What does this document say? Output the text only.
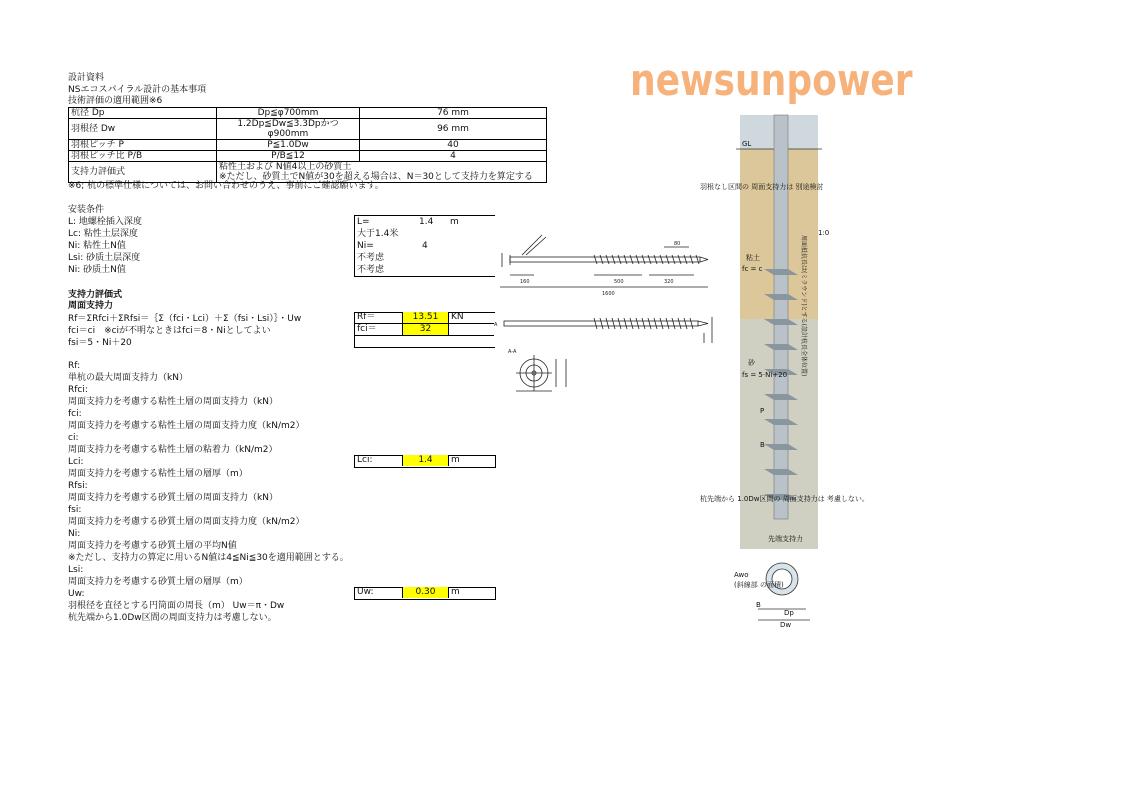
設計資料
NSエコスパイラル設計の基本事項
技術評価の適用範囲※6
杭径 Dp	Dp≦φ700mm	76 mm
羽根径 Dw	1.2Dp≦Dw≦3.3Dpかつφ900mm	96 mm
羽根ピッチ P	P≦1.0Dw	40
羽根ピッチ比 P/B	P/B≦12	4
支持力評価式	粘性土および N値4以上の砂質土	
	※ただし、砂質土でN値が30を超える場合は、N＝30として支持力を算定する	
※6; 杭の標準仕様については、お問い合わせのうえ、事前にご確認願います。
安装条件
L: 地螺栓插入深度
Lc: 粘性土层深度
Ni: 粘性土N值
Lsi: 砂质土层深度
Ni: 砂质土N值
L=	1.4 m
大于1.4米
Ni=	4
不考虑
不考虑
支持力評価式
周面支持力
Rf＝ΣRfci＋ΣRfsi＝｛Σ（fci・Lci）＋Σ（fsi・Lsi）｝・Uw
fci＝ci　※ciが不明なときはfci＝8・Niとしてよい
fsi＝5・Ni＋20
Rf＝	13.51	KN
fci＝	32
Rf:
単杭の最大周面支持力（kN）
Rfci:
周面支持力を考慮する粘性土層の周面支持力（kN）
fci:
周面支持力を考慮する粘性土層の周面支持力度（kN/m2）
ci:
周面支持力を考慮する粘性土層の粘着力（kN/m2）
Lci:
周面支持力を考慮する粘性土層の層厚（m）
Rfsi:
周面支持力を考慮する砂質土層の周面支持力（kN）
fsi:
周面支持力を考慮する砂質土層の周面支持力度（kN/m2）
Ni:
周面支持力を考慮する砂質土層の平均N値
※ただし、支持力の算定に用いるN値は4≦Ni≦30を適用範囲とする。
Lsi:
周面支持力を考慮する砂質土層の層厚（m）
Uw:
羽根径を直径とする円筒面の周長（m） Uw＝π・Dw
杭先端から1.0Dw区間の周面支持力は考慮しない。
Lci:	1.4	m
Uw:	0.30	m
newsunpower
1600
160	500	320
80
A
A-A
GL
羽根なし区間の 周面支持力は 別途検討
粘土
fc = c
砂
fs = 5·Ni+20
P
B
杭先端から 1.0Dw区間の 周面支持力は 考慮しない。
先端支持力
1:0
周面抵抗長は(ミラウンド)とする(設計杭長全体位置)
Awo
(斜線部 の面積)
B
Dp
Dw
